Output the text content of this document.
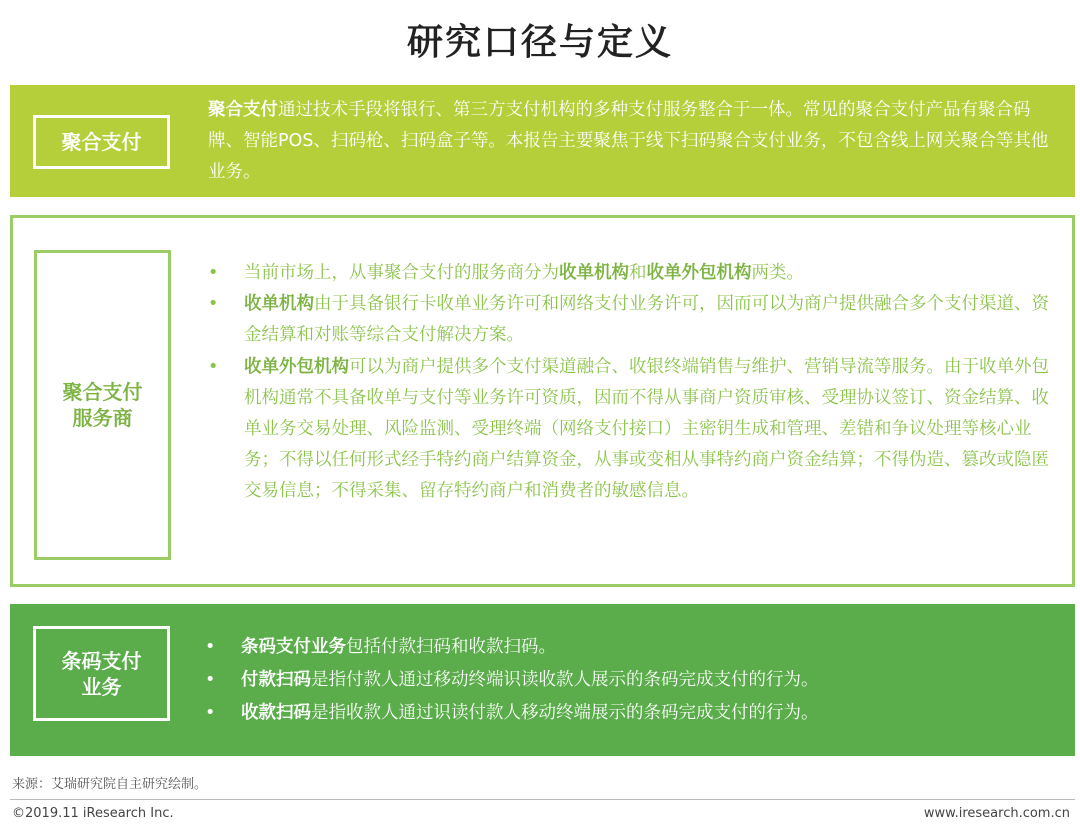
研究口径与定义
聚合支付
聚合支付通过技术手段将银行、第三方支付机构的多种支付服务整合于一体。常见的聚合支付产品有聚合码牌、智能POS、扫码枪、扫码盒子等。本报告主要聚焦于线下扫码聚合支付业务，不包含线上网关聚合等其他业务。
聚合支付
服务商
• 当前市场上，从事聚合支付的服务商分为收单机构和收单外包机构两类。
• 收单机构由于具备银行卡收单业务许可和网络支付业务许可，因而可以为商户提供融合多个支付渠道、资金结算和对账等综合支付解决方案。
• 收单外包机构可以为商户提供多个支付渠道融合、收银终端销售与维护、营销导流等服务。由于收单外包机构通常不具备收单与支付等业务许可资质，因而不得从事商户资质审核、受理协议签订、资金结算、收单业务交易处理、风险监测、受理终端（网络支付接口）主密钥生成和管理、差错和争议处理等核心业务；不得以任何形式经手特约商户结算资金，从事或变相从事特约商户资金结算；不得伪造、篡改或隐匿交易信息；不得采集、留存特约商户和消费者的敏感信息。
条码支付
业务
• 条码支付业务包括付款扫码和收款扫码。
• 付款扫码是指付款人通过移动终端识读收款人展示的条码完成支付的行为。
• 收款扫码是指收款人通过识读付款人移动终端展示的条码完成支付的行为。
来源：艾瑞研究院自主研究绘制。
©2019.11 iResearch Inc.	www.iresearch.com.cn
